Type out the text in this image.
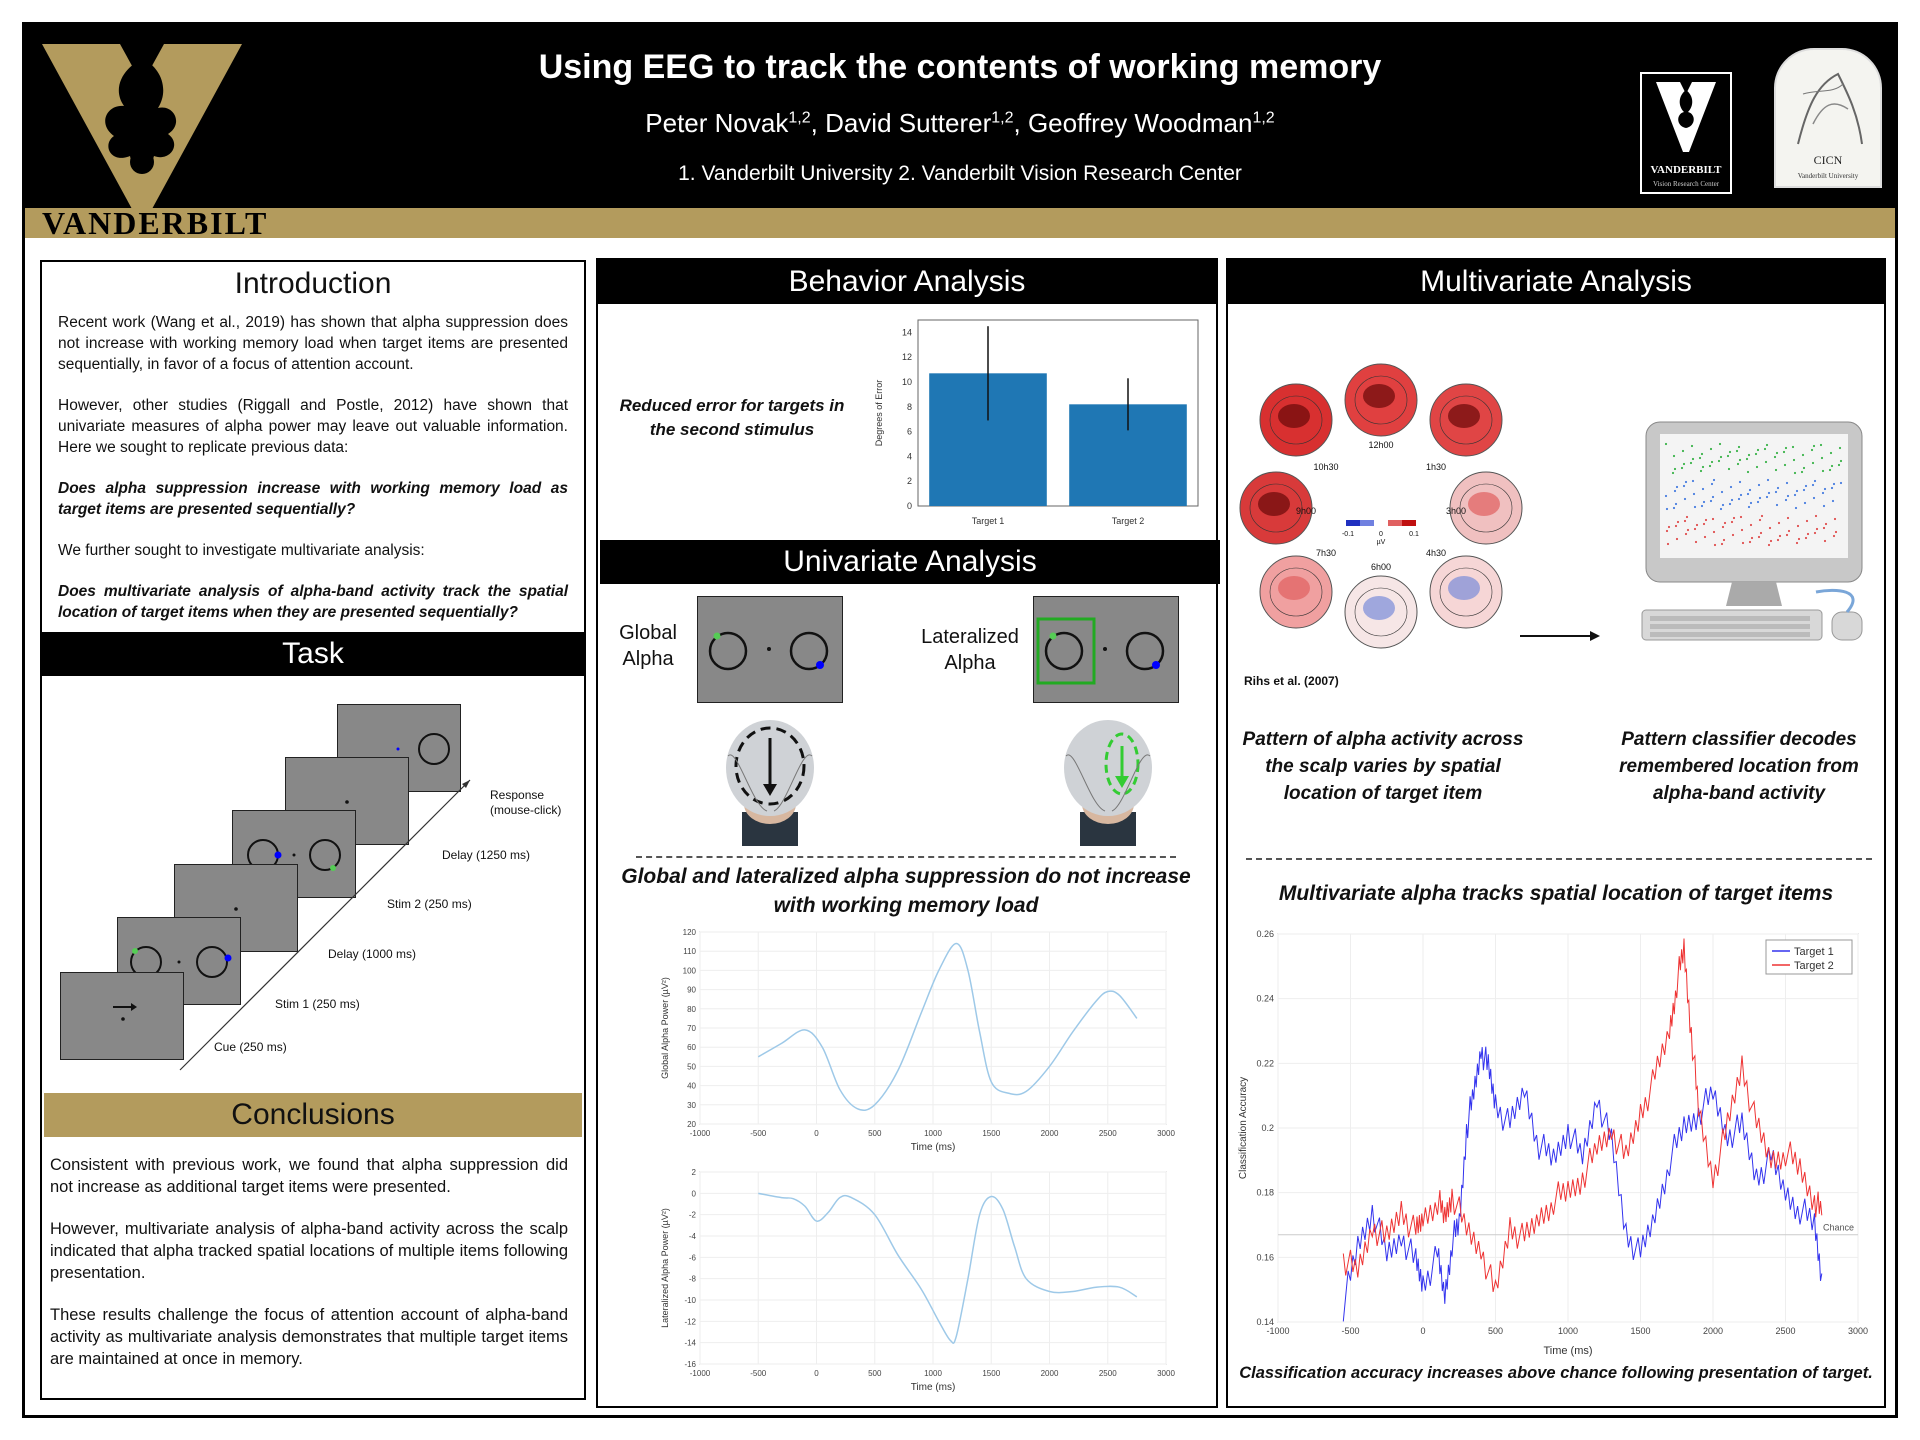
VANDERBILT
Using EEG to track the contents of working memory
Peter Novak$^{1,2}$, David Sutterer$^{1,2}$, Geoffrey Woodman$^{1,2}$
1. Vanderbilt University 2. Vanderbilt Vision Research Center	VANDERBILT
Vision Research Center
CICN
Vanderbilt University
Introduction

Recent work (Wang et al., 2019) has shown that alpha suppression does not increase with working memory load when target items are presented sequentially, in favor of a focus of attention account.

However, other studies (Riggall and Postle, 2012) have shown that univariate measures of alpha power may leave out valuable information. Here we sought to replicate previous data:

Does alpha suppression increase with working memory load as target items are presented sequentially?

We further sought to investigate multivariate analysis:

Does multivariate analysis of alpha-band activity track the spatial location of target items when they are presented sequentially?

Task
Response
(mouse-click)
Delay (1250 ms)
Stim 2 (250 ms)
Delay (1000 ms)
Stim 1 (250 ms)
Cue (250 ms)
Conclusions

Consistent with previous work, we found that alpha suppression did not increase as additional target items were presented.

However, multivariate analysis of alpha-band activity across the scalp indicated that alpha tracked spatial locations of multiple items following presentation.

These results challenge the focus of attention account of alpha-band activity as multivariate analysis demonstrates that multiple target items are maintained at once in memory.

Behavior Analysis
Reduced error for targets in the second stimulus
0
2
4
6
8
10
12
14
Degrees of Error
Target 1	Target 2
Univariate Analysis
Global
Alpha
Lateralized
Alpha
Global and lateralized alpha suppression do not increase with working memory load
-1000	-500	0	500	1000	1500	2000	2500	3000
20
30
40
50
60
70
80
90
100
110
120
Time (ms)
Global Alpha Power (µV²)
-1000	-500	0	500	1000	1500	2000	2500	3000
-16
-14
-12
-10
-8
-6
-4
-2
0
2
Time (ms)
Lateralized Alpha Power (µV²)
Multivariate Analysis
12h00
10h30	1h30
9h00	3h00
7h30	4h30
6h00
-0.1	0	0.1
µV
Rihs et al. (2007)
Pattern of alpha activity across the scalp varies by spatial location of target item
Pattern classifier decodes remembered location from alpha-band activity
Multivariate alpha tracks spatial location of target items
-1000	-500	0	500	1000	1500	2000	2500	3000
0.14
0.16
0.18
0.2
0.22
0.24
0.26
Time (ms)
Classification Accuracy
Chance
Target 1
Target 2
Classification accuracy increases above chance following presentation of target.
